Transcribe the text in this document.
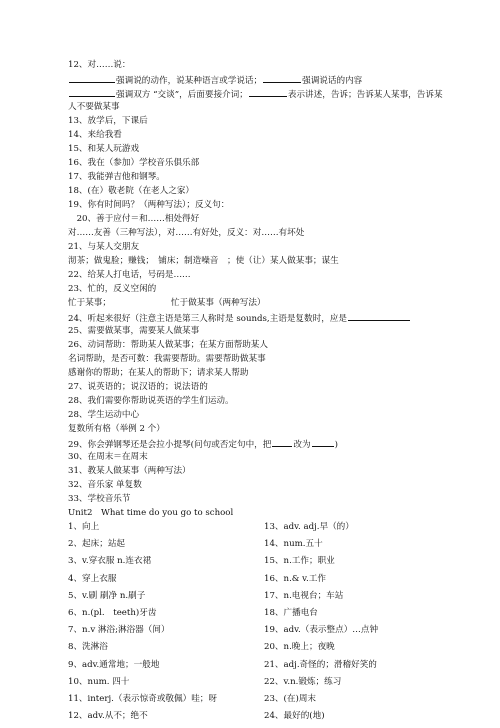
12、对……说：
强调说的动作，说某种语言或学说话；	强调说话的内容
强调双方 “交谈”，后面要接介词；	表示讲述，告诉；告诉某人某事，告诉某
人不要做某事
13、放学后，下课后
14、来给我看
15、和某人玩游戏
16、我在（参加）学校音乐俱乐部
17、我能弹吉他和钢琴。
18、(在）敬老院（在老人之家）
19、你有时间吗？（两种写法）；反义句：
　20、善于应付＝和……相处得好
对……友善（三种写法），对……有好处，反义：对……有坏处
21、与某人交朋友
沏茶；做鬼脸；赚钱；　铺床；制造噪音　；使（让）某人做某事；谋生
22、给某人打电话，号码是……
23、忙的，反义空闲的
忙于某事；	忙于做某事（两种写法）
24、听起来很好（注意主语是第三人称时是 sounds,主语是复数时，应是
25、需要做某事，需要某人做某事
26、动词帮助：帮助某人做某事；在某方面帮助某人
名词帮助，是否可数：我需要帮助。需要帮助做某事
感谢你的帮助；在某人的帮助下；请求某人帮助
27、说英语的；说汉语的；说法语的
28、我们需要你帮助说英语的学生们运动。
28、学生运动中心
复数所有格（举例 2 个）
29、你会弹钢琴还是会拉小提琴(问句或否定句中，把	改为	)
30、在周末＝在周末
31、教某人做某事（两种写法）
32、音乐家 单复数
33、学校音乐节
Unit2　What time do you go to school
1、向上
2、起床；站起
3、v.穿衣服 n.连衣裙
4、穿上衣服
5、v.刷 刷净 n.刷子
6、n.(pl.　teeth)牙齿
7、n.v 淋浴;淋浴器（间）
8、洗淋浴
9、adv.通常地；一般地
10、num. 四十
11、interj.（表示惊奇或敬佩）哇；呀
12、adv.从不；绝不
13、adv. adj.早（的）
14、num.五十
15、n.工作；职业
16、n.& v.工作
17、n.电视台；车站
18、广播电台
19、adv.（表示整点）…点钟
20、n.晚上；夜晚
21、adj.奇怪的；滑稽好笑的
22、v.n.锻炼；练习
23、(在)周末
24、最好的(地)
